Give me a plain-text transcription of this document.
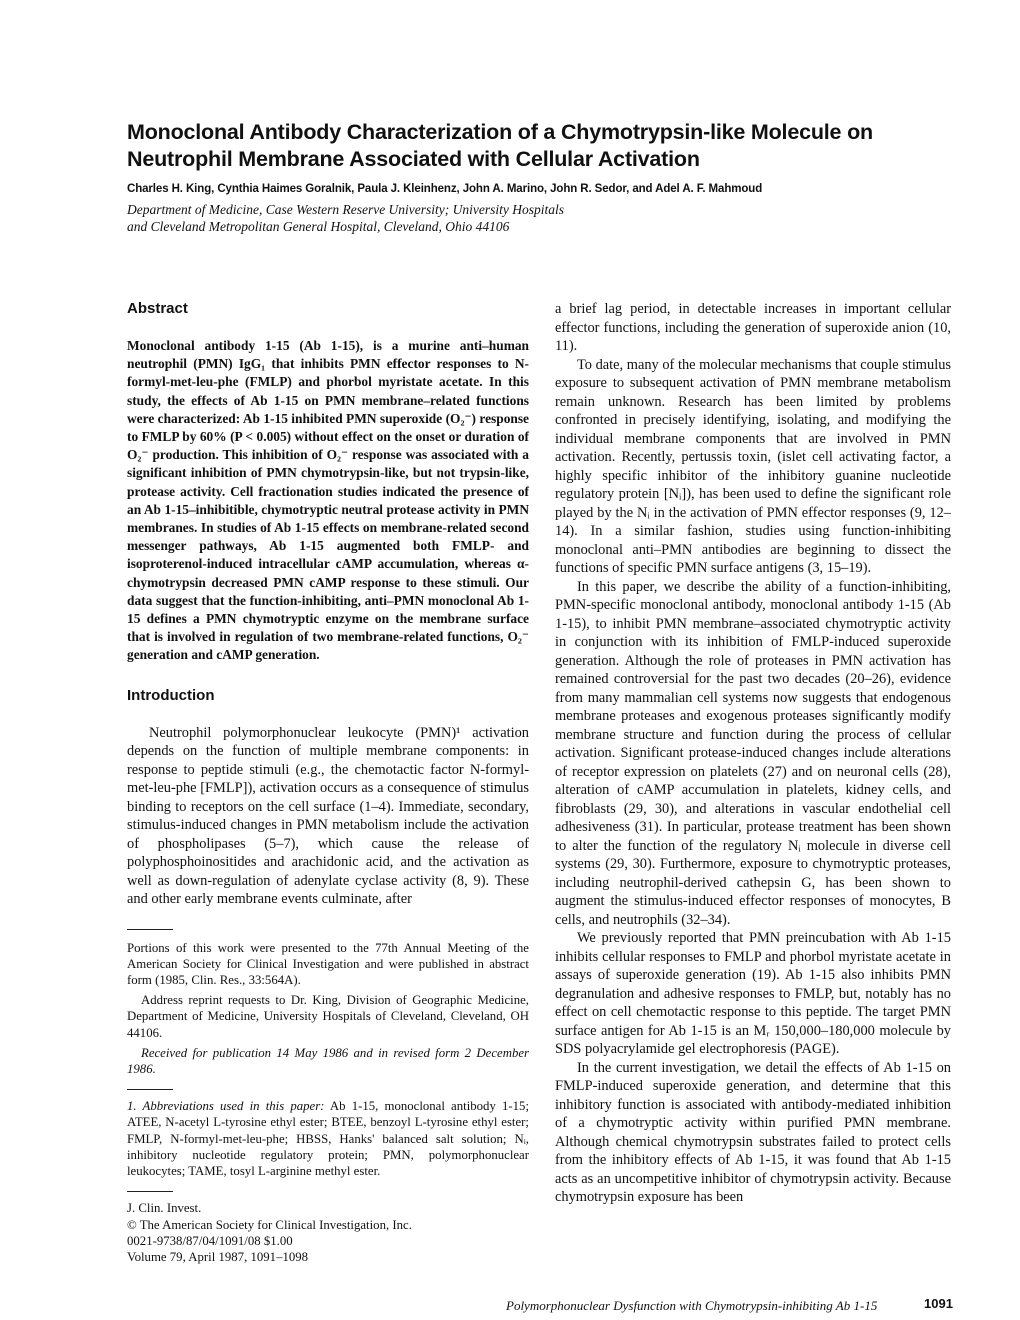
Monoclonal Antibody Characterization of a Chymotrypsin-like Molecule on
Neutrophil Membrane Associated with Cellular Activation
Charles H. King, Cynthia Haimes Goralnik, Paula J. Kleinhenz, John A. Marino, John R. Sedor, and Adel A. F. Mahmoud
Department of Medicine, Case Western Reserve University; University Hospitals
and Cleveland Metropolitan General Hospital, Cleveland, Ohio 44106
Abstract

Monoclonal antibody 1-15 (Ab 1-15), is a murine anti–human neutrophil (PMN) IgG₁ that inhibits PMN effector responses to N-formyl-met-leu-phe (FMLP) and phorbol myristate acetate. In this study, the effects of Ab 1-15 on PMN membrane–related functions were characterized: Ab 1-15 inhibited PMN superoxide (O₂⁻) response to FMLP by 60% (P < 0.005) without effect on the onset or duration of O₂⁻ production. This inhibition of O₂⁻ response was associated with a significant inhibition of PMN chymotrypsin-like, but not trypsin-like, protease activity. Cell fractionation studies indicated the presence of an Ab 1-15–inhibitible, chymotryptic neutral protease activity in PMN membranes. In studies of Ab 1-15 effects on membrane-related second messenger pathways, Ab 1-15 augmented both FMLP- and isoproterenol-induced intracellular cAMP accumulation, whereas α-chymotrypsin decreased PMN cAMP response to these stimuli. Our data suggest that the function-inhibiting, anti–PMN monoclonal Ab 1-15 defines a PMN chymotryptic enzyme on the membrane surface that is involved in regulation of two membrane-related functions, O₂⁻ generation and cAMP generation.

Introduction

Neutrophil polymorphonuclear leukocyte (PMN)¹ activation depends on the function of multiple membrane components: in response to peptide stimuli (e.g., the chemotactic factor N-formyl-met-leu-phe [FMLP]), activation occurs as a consequence of stimulus binding to receptors on the cell surface (1–4). Immediate, secondary, stimulus-induced changes in PMN metabolism include the activation of phospholipases (5–7), which cause the release of polyphosphoinositides and arachidonic acid, and the activation as well as down-regulation of adenylate cyclase activity (8, 9). These and other early membrane events culminate, after

Portions of this work were presented to the 77th Annual Meeting of the American Society for Clinical Investigation and were published in abstract form (1985, Clin. Res., 33:564A).

Address reprint requests to Dr. King, Division of Geographic Medicine, Department of Medicine, University Hospitals of Cleveland, Cleveland, OH 44106.

Received for publication 14 May 1986 and in revised form 2 December 1986.

1. Abbreviations used in this paper: Ab 1-15, monoclonal antibody 1-15; ATEE, N-acetyl L-tyrosine ethyl ester; BTEE, benzoyl L-tyrosine ethyl ester; FMLP, N-formyl-met-leu-phe; HBSS, Hanks' balanced salt solution; Nᵢ, inhibitory nucleotide regulatory protein; PMN, polymorphonuclear leukocytes; TAME, tosyl L-arginine methyl ester.

J. Clin. Invest.

© The American Society for Clinical Investigation, Inc.

0021-9738/87/04/1091/08 $1.00

Volume 79, April 1987, 1091–1098

a brief lag period, in detectable increases in important cellular effector functions, including the generation of superoxide anion (10, 11).

To date, many of the molecular mechanisms that couple stimulus exposure to subsequent activation of PMN membrane metabolism remain unknown. Research has been limited by problems confronted in precisely identifying, isolating, and modifying the individual membrane components that are involved in PMN activation. Recently, pertussis toxin, (islet cell activating factor, a highly specific inhibitor of the inhibitory guanine nucleotide regulatory protein [Nᵢ]), has been used to define the significant role played by the Nᵢ in the activation of PMN effector responses (9, 12–14). In a similar fashion, studies using function-inhibiting monoclonal anti–PMN antibodies are beginning to dissect the functions of specific PMN surface antigens (3, 15–19).

In this paper, we describe the ability of a function-inhibiting, PMN-specific monoclonal antibody, monoclonal antibody 1-15 (Ab 1-15), to inhibit PMN membrane–associated chymotryptic activity in conjunction with its inhibition of FMLP-induced superoxide generation. Although the role of proteases in PMN activation has remained controversial for the past two decades (20–26), evidence from many mammalian cell systems now suggests that endogenous membrane proteases and exogenous proteases significantly modify membrane structure and function during the process of cellular activation. Significant protease-induced changes include alterations of receptor expression on platelets (27) and on neuronal cells (28), alteration of cAMP accumulation in platelets, kidney cells, and fibroblasts (29, 30), and alterations in vascular endothelial cell adhesiveness (31). In particular, protease treatment has been shown to alter the function of the regulatory Nᵢ molecule in diverse cell systems (29, 30). Furthermore, exposure to chymotryptic proteases, including neutrophil-derived cathepsin G, has been shown to augment the stimulus-induced effector responses of monocytes, B cells, and neutrophils (32–34).

We previously reported that PMN preincubation with Ab 1-15 inhibits cellular responses to FMLP and phorbol myristate acetate in assays of superoxide generation (19). Ab 1-15 also inhibits PMN degranulation and adhesive responses to FMLP, but, notably has no effect on cell chemotactic response to this peptide. The target PMN surface antigen for Ab 1-15 is an Mᵣ 150,000–180,000 molecule by SDS polyacrylamide gel electrophoresis (PAGE).

In the current investigation, we detail the effects of Ab 1-15 on FMLP-induced superoxide generation, and determine that this inhibitory function is associated with antibody-mediated inhibition of a chymotryptic activity within purified PMN membrane. Although chemical chymotrypsin substrates failed to protect cells from the inhibitory effects of Ab 1-15, it was found that Ab 1-15 acts as an uncompetitive inhibitor of chymotrypsin activity. Because chymotrypsin exposure has been

Polymorphonuclear Dysfunction with Chymotrypsin-inhibiting Ab 1-15	1091
